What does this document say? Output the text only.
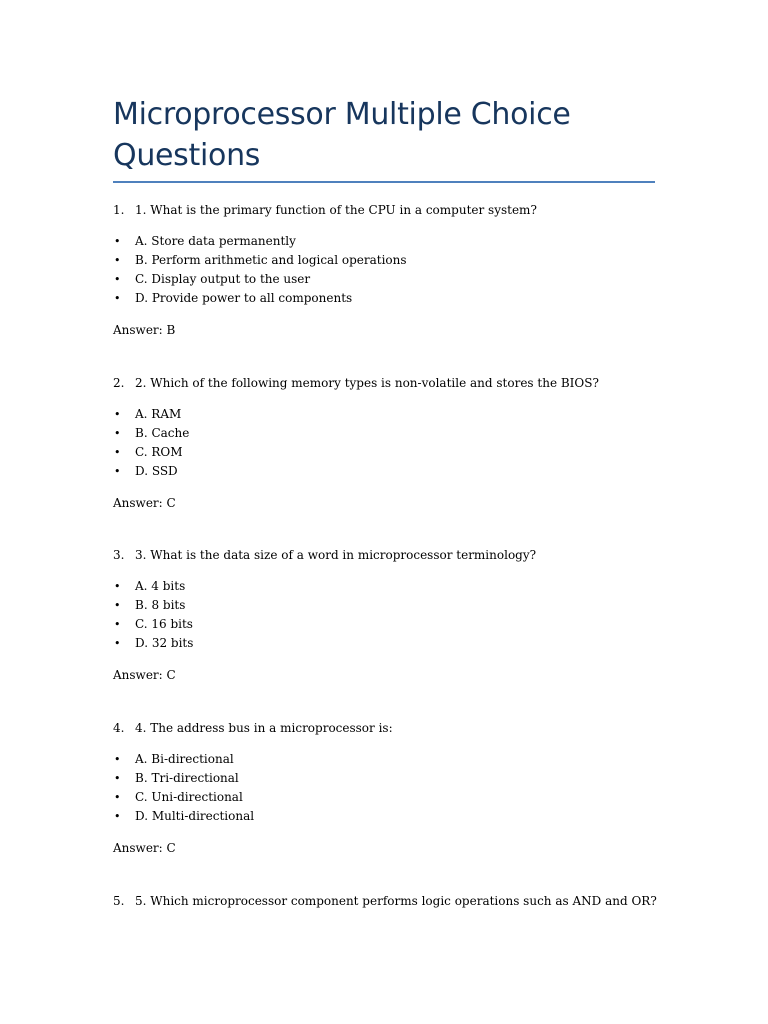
Microprocessor Multiple Choice Questions
1. 1. What is the primary function of the CPU in a computer system?
•	A. Store data permanently
•	B. Perform arithmetic and logical operations
•	C. Display output to the user
•	D. Provide power to all components
Answer: B
2. 2. Which of the following memory types is non-volatile and stores the BIOS?
•	A. RAM
•	B. Cache
•	C. ROM
•	D. SSD
Answer: C
3. 3. What is the data size of a word in microprocessor terminology?
•	A. 4 bits
•	B. 8 bits
•	C. 16 bits
•	D. 32 bits
Answer: C
4. 4. The address bus in a microprocessor is:
•	A. Bi-directional
•	B. Tri-directional
•	C. Uni-directional
•	D. Multi-directional
Answer: C
5. 5. Which microprocessor component performs logic operations such as AND and OR?
